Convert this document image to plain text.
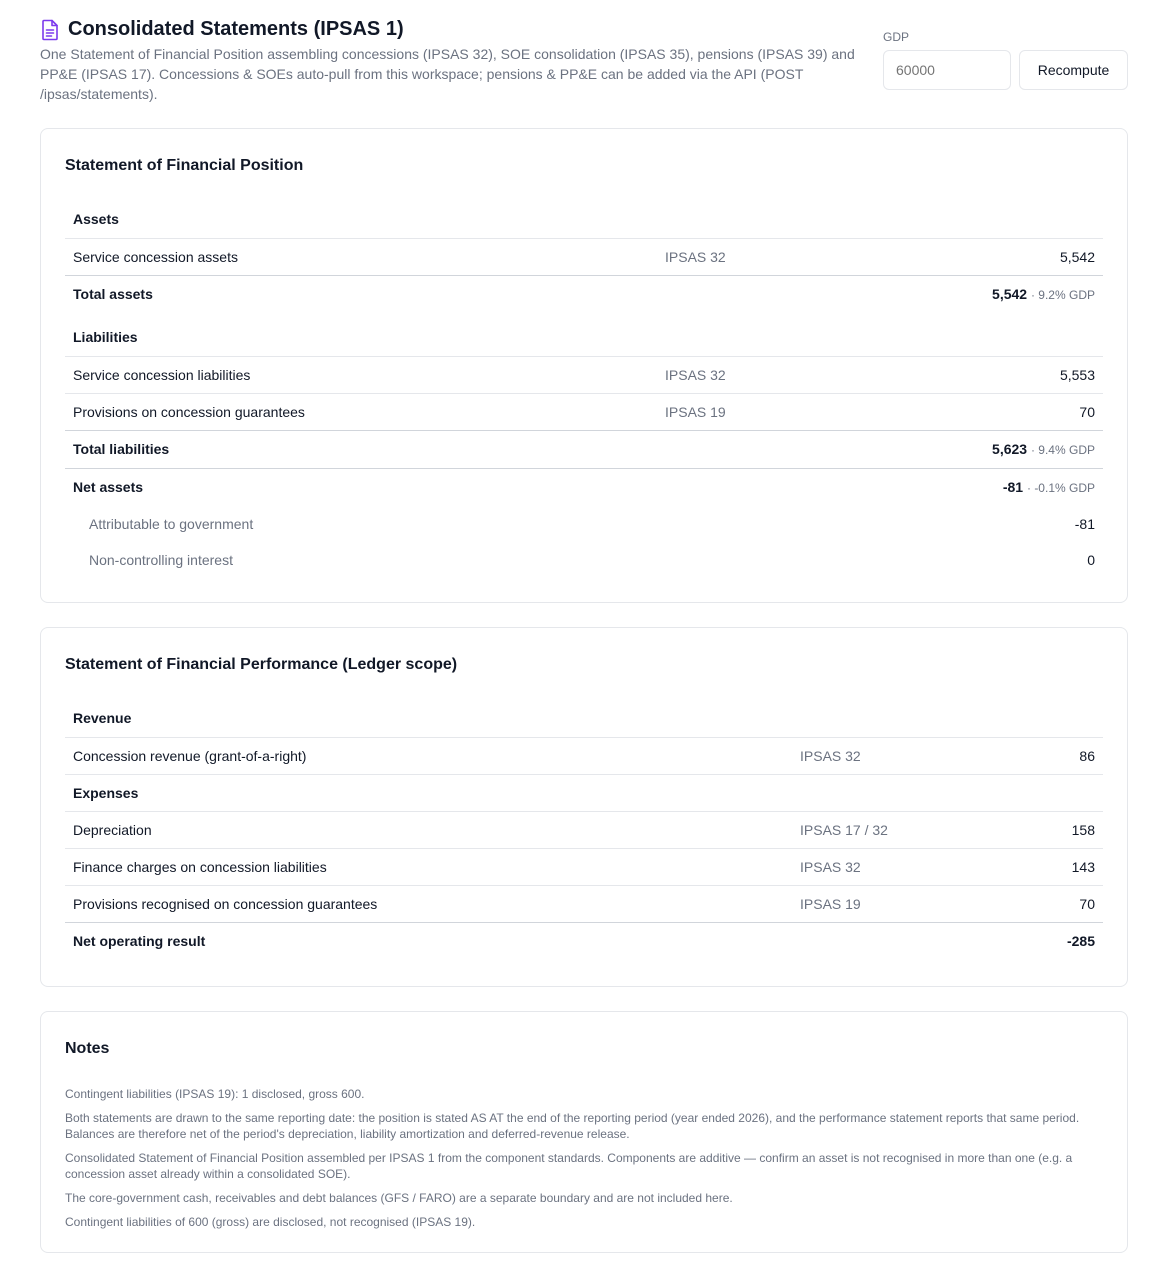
Consolidated Statements (IPSAS 1)
One Statement of Financial Position assembling concessions (IPSAS 32), SOE consolidation (IPSAS 35), pensions (IPSAS 39) and PP&E (IPSAS 17). Concessions & SOEs auto-pull from this workspace; pensions & PP&E can be added via the API (POST /ipsas/statements).
GDP
60000
Recompute
Statement of Financial Position
Assets		
Service concession assets	IPSAS 32	5,542
Total assets		5,542 · 9.2% GDP

Liabilities		
Service concession liabilities	IPSAS 32	5,553
Provisions on concession guarantees	IPSAS 19	70
Total liabilities		5,623 · 9.4% GDP
Net assets		-81 · -0.1% GDP
Attributable to government		-81
Non-controlling interest		0
Statement of Financial Performance (Ledger scope)
Revenue		
Concession revenue (grant-of-a-right)	IPSAS 32	86
Expenses		
Depreciation	IPSAS 17 / 32	158
Finance charges on concession liabilities	IPSAS 32	143
Provisions recognised on concession guarantees	IPSAS 19	70
Net operating result		-285
Notes

Contingent liabilities (IPSAS 19): 1 disclosed, gross 600.

Both statements are drawn to the same reporting date: the position is stated AS AT the end of the reporting period (year ended 2026), and the performance statement reports that same period. Balances are therefore net of the period's depreciation, liability amortization and deferred-revenue release.

Consolidated Statement of Financial Position assembled per IPSAS 1 from the component standards. Components are additive — confirm an asset is not recognised in more than one (e.g. a concession asset already within a consolidated SOE).

The core-government cash, receivables and debt balances (GFS / FARO) are a separate boundary and are not included here.

Contingent liabilities of 600 (gross) are disclosed, not recognised (IPSAS 19).
